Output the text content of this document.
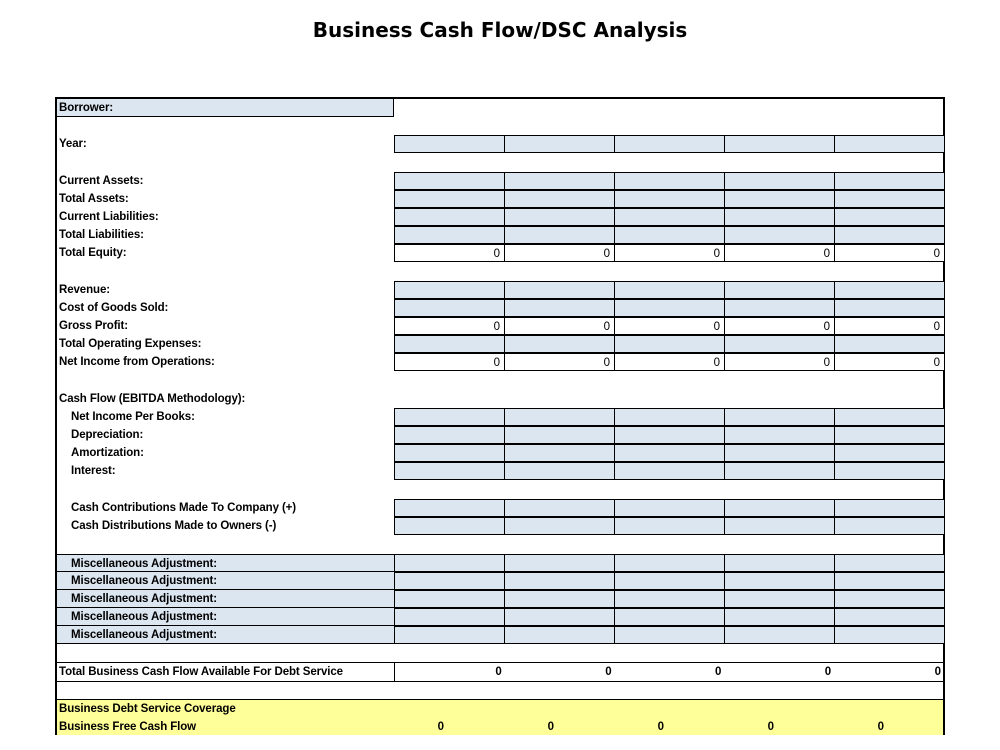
Business Cash Flow/DSC Analysis
Borrower:
Year:
Current Assets:
Total Assets:
Current Liabilities:
Total Liabilities:
Total Equity:	0	0	0	0	0
Revenue:
Cost of Goods Sold:
Gross Profit:	0	0	0	0	0
Total Operating Expenses:
Net Income from Operations:	0	0	0	0	0
Cash Flow (EBITDA Methodology):
Net Income Per Books:
Depreciation:
Amortization:
Interest:
Cash Contributions Made To Company (+)
Cash Distributions Made to Owners (-)
Miscellaneous Adjustment:
Miscellaneous Adjustment:
Miscellaneous Adjustment:
Miscellaneous Adjustment:
Miscellaneous Adjustment:
Total Business Cash Flow Available For Debt Service	0	0	0	0	0
Business Debt Service Coverage
Business Free Cash Flow	0	0	0	0	0
